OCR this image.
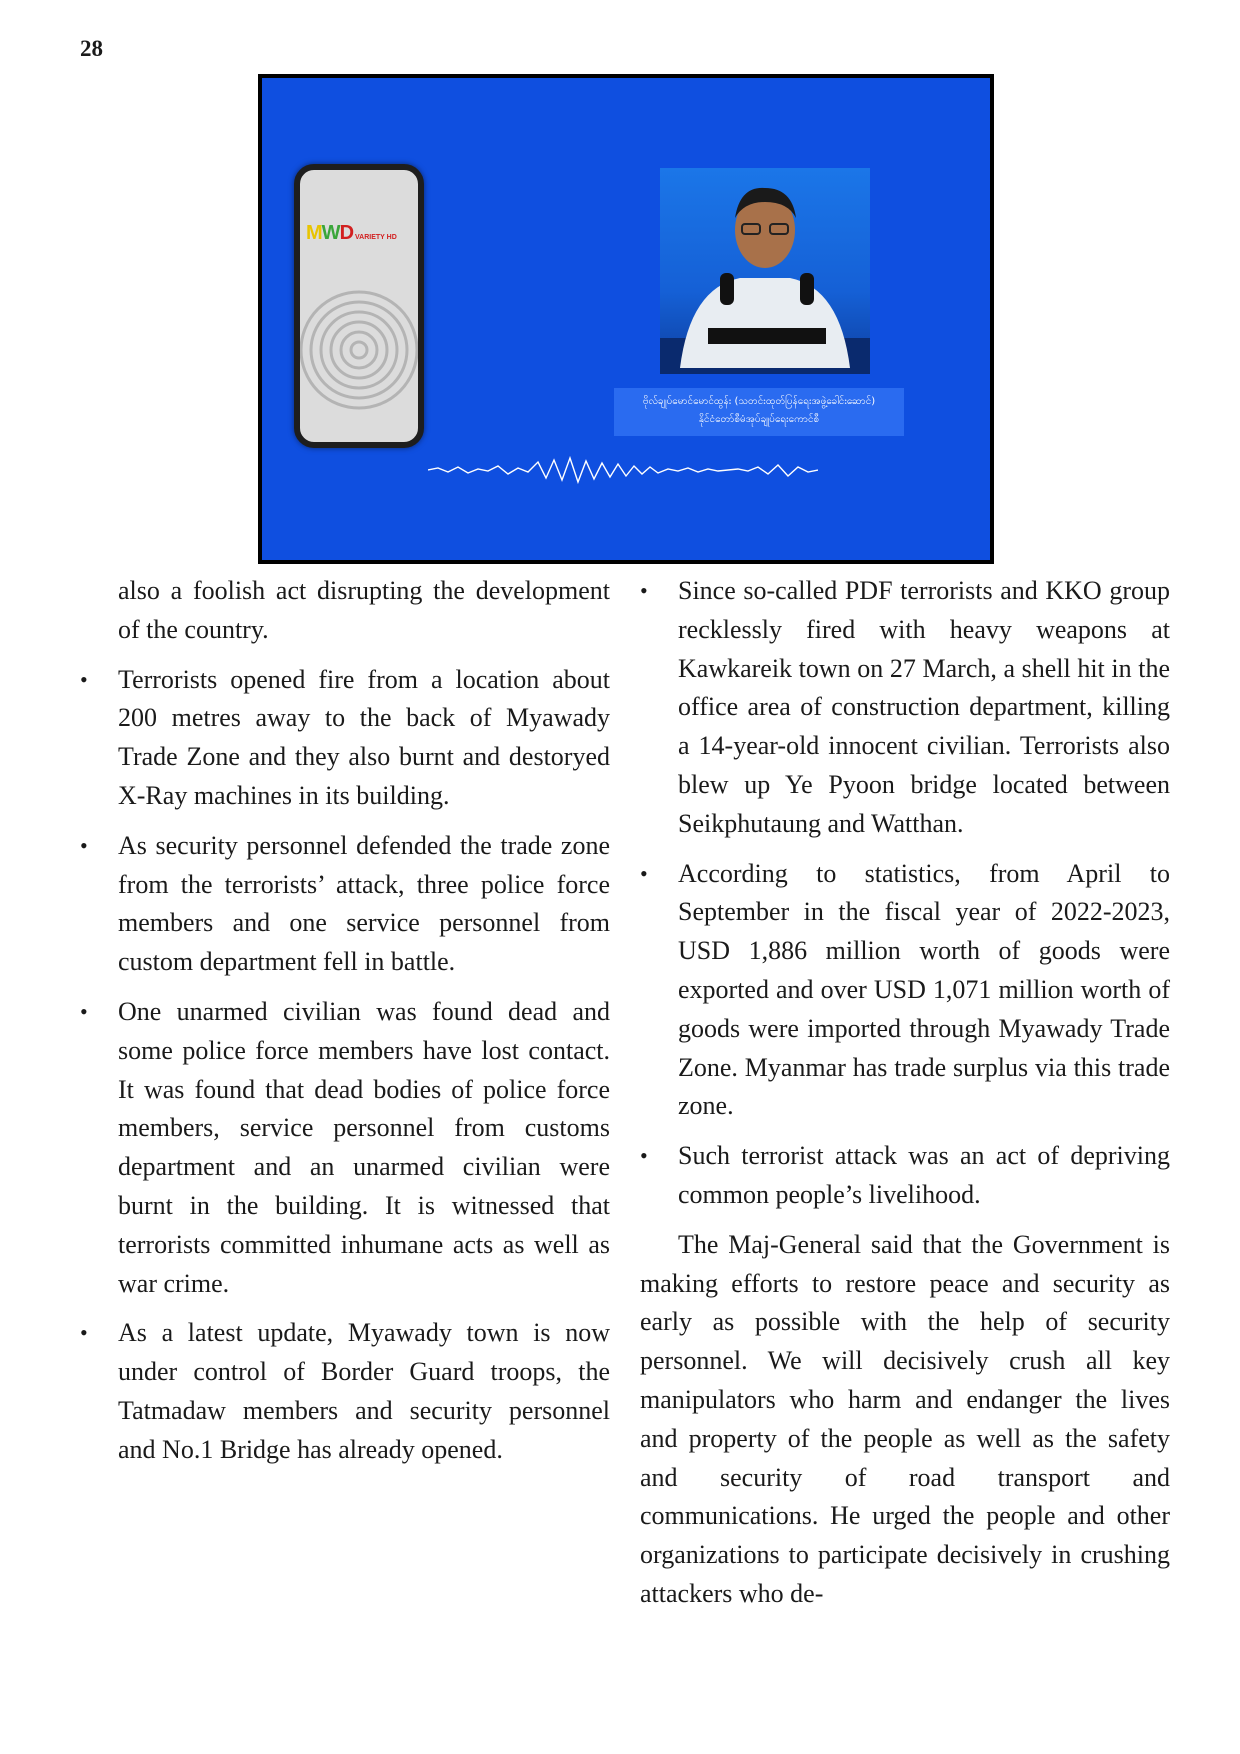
28
MWD VARIETY HD
ဗိုလ်ချုပ်မောင်မောင်ထွန်း (သတင်းထုတ်ပြန်ရေးအဖွဲ့ခေါင်းဆောင်)
နိုင်ငံတော်စီမံအုပ်ချုပ်ရေးကောင်စီ

also a foolish act disrupting the development of the country.

•	Terrorists opened fire from a location about 200 metres away to the back of Myawady Trade Zone and they also burnt and destoryed X-Ray machines in its building.
•	As security personnel defended the trade zone from the terrorists’ attack, three police force members and one service personnel from custom department fell in battle.
•	One unarmed civilian was found dead and some police force members have lost contact. It was found that dead bodies of police force members, service personnel from customs department and an unarmed civilian were burnt in the building. It is witnessed that terrorists committed inhumane acts as well as war crime.
•	As a latest update, Myawady town is now under control of Border Guard troops, the Tatmadaw members and security personnel and No.1 Bridge has already opened.
•	Since so-called PDF terrorists and KKO group recklessly fired with heavy weapons at Kawkareik town on 27 March, a shell hit in the office area of construction department, killing a 14-year-old innocent civilian. Terrorists also blew up Ye Pyoon bridge located between Seikphutaung and Watthan.
•	According to statistics, from April to September in the fiscal year of 2022-2023, USD 1,886 million worth of goods were exported and over USD 1,071 million worth of goods were imported through Myawady Trade Zone. Myanmar has trade surplus via this trade zone.
•	Such terrorist attack was an act of depriving common people’s livelihood.

The Maj-General said that the Government is making efforts to restore peace and security as early as possible with the help of security personnel. We will decisively crush all key manipulators who harm and endanger the lives and property of the people as well as the safety and security of road transport and communications. He urged the people and other organizations to participate decisively in crushing attackers who de-
